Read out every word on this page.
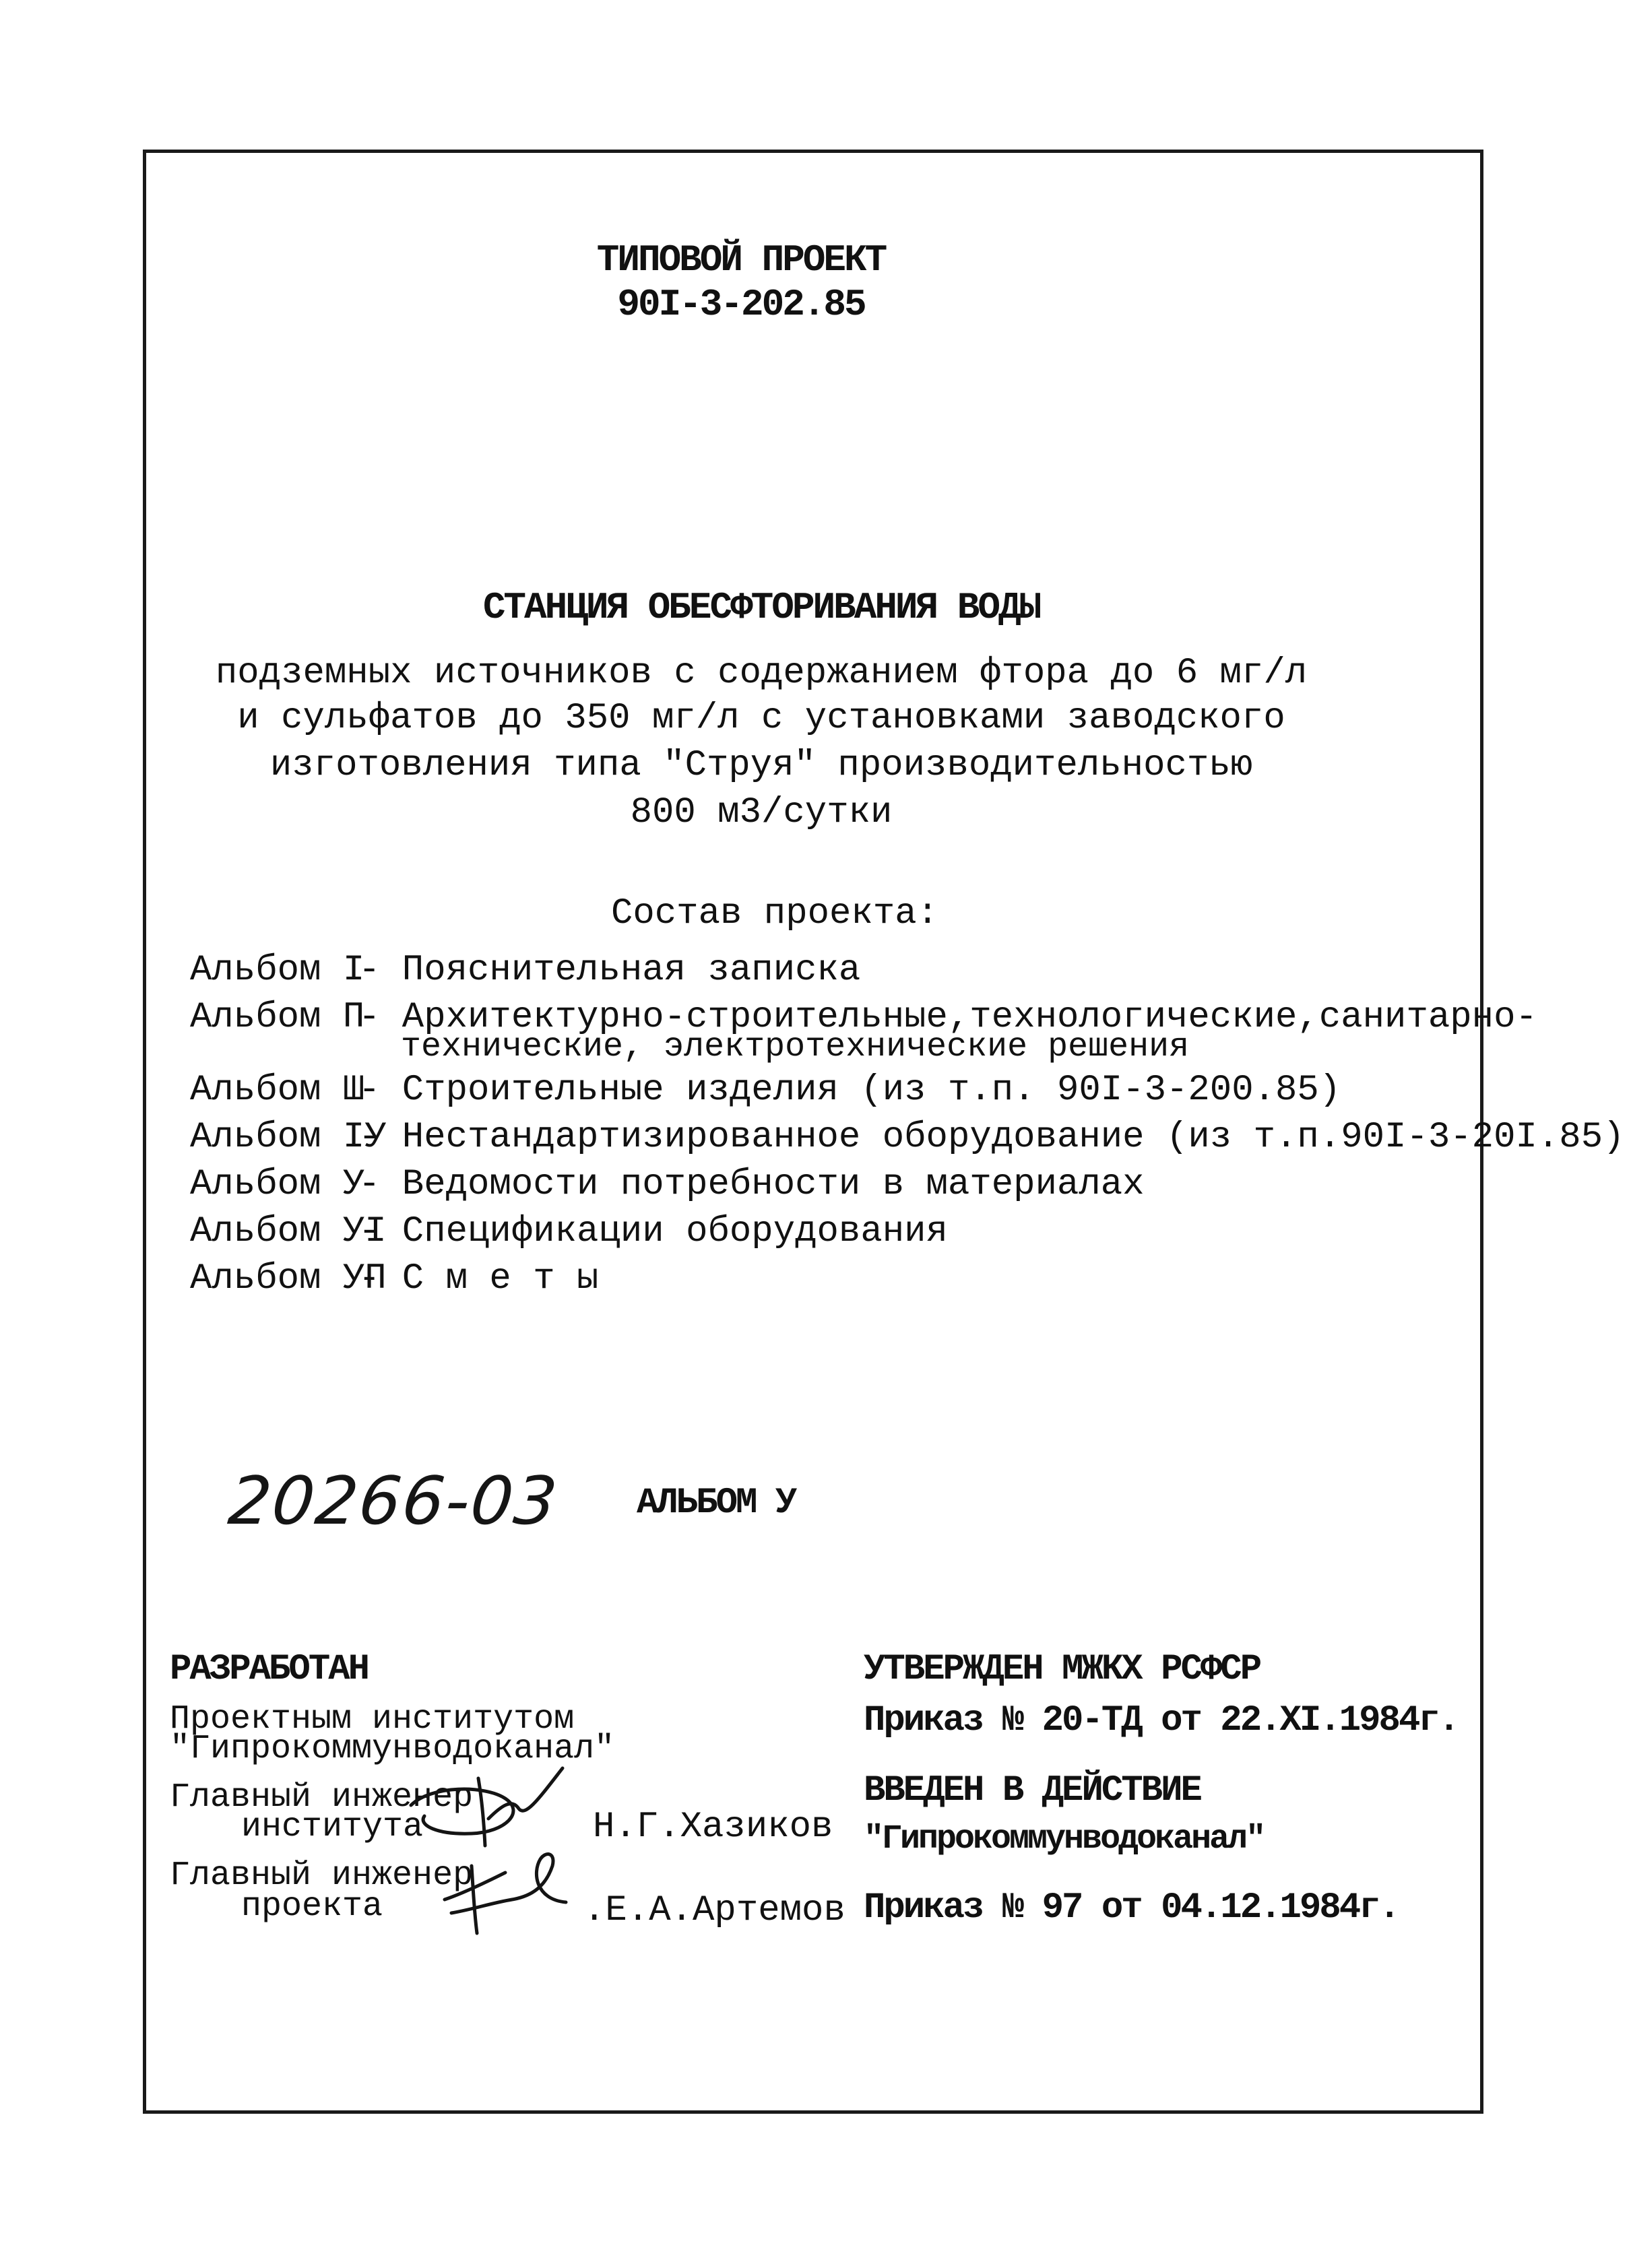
ТИПОВОЙ ПРОЕКТ
90I-3-202.85
СТАНЦИЯ ОБЕСФТОРИВАНИЯ ВОДЫ
подземных источников с содержанием фтора до 6 мг/л
и сульфатов до 350 мг/л с установками заводского
изготовления типа "Струя" производительностью
800 м3/сутки
Состав проекта:
Альбом I
- Пояснительная записка
Альбом П
- Архитектурно-строительные,технологические,санитарно-
технические, электротехнические решения
Альбом Ш
- Строительные изделия (из т.п. 90I-3-200.85)
Альбом IУ
- Нестандартизированное оборудование (из т.п.90I-3-20I.85)
Альбом У
- Ведомости потребности в материалах
Альбом УI
- Спецификации оборудования
Альбом УП
- С м е т ы
20266-03 АЛЬБОМ У
РАЗРАБОТАН
Проектным институтом
"Гипрокоммунводоканал"
Главный инженер
института	Н.Г.Хазиков
Главный инженер
проекта	.Е.А.Артемов
УТВЕРЖДЕН МЖКХ РСФСР
Приказ № 20-ТД от 22.XI.1984г.
ВВЕДЕН В ДЕЙСТВИЕ
"Гипрокоммунводоканал"
Приказ № 97 от 04.12.1984г.
